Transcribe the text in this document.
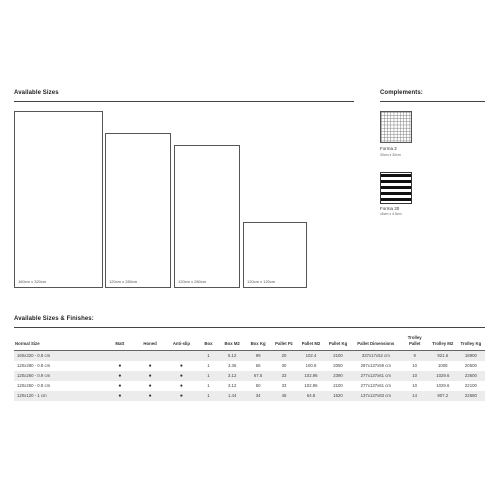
Available Sizes
160cm x 320cm	120cm x 280cm	120cm x 260cm	120cm x 120cm
Complements:
Forma 2
30cm x 30cm
Forma 30
x5cm x 4.5cm
Available Sizes & Finishes:
Normal Size	Matt	Honed	Anti-slip	Box	Box M2	Box Kg	Pallet Pz	Pallet M2	Pallet Kg	Pallet Dimensions	Trolley Pallet	Trolley M2	Trolley Kg
160x320 - 0.8 cm				1	5.12	99	20	102.4	2100	337x17x52 cm	9	921.6	18900
120x280 - 0.8 cm	●	●	●	1	3.36	65	30	100.8	2050	297x137x59 cm	10	1008	20500
120x260 - 0.9 cm	●	●	●	1	3.12	67.5	33	102.96	2390	277x137x61 cm	10	1029.6	23600
120x260 - 0.8 cm	●	●	●	1	3.12	60	33	102.96	2100	277x137x61 cm	10	1029.6	22100
120x120 - 1 cm	●	●	●	1	1.44	34	45	64.8	1620	137x137x83 cm	14	907.2	22680
